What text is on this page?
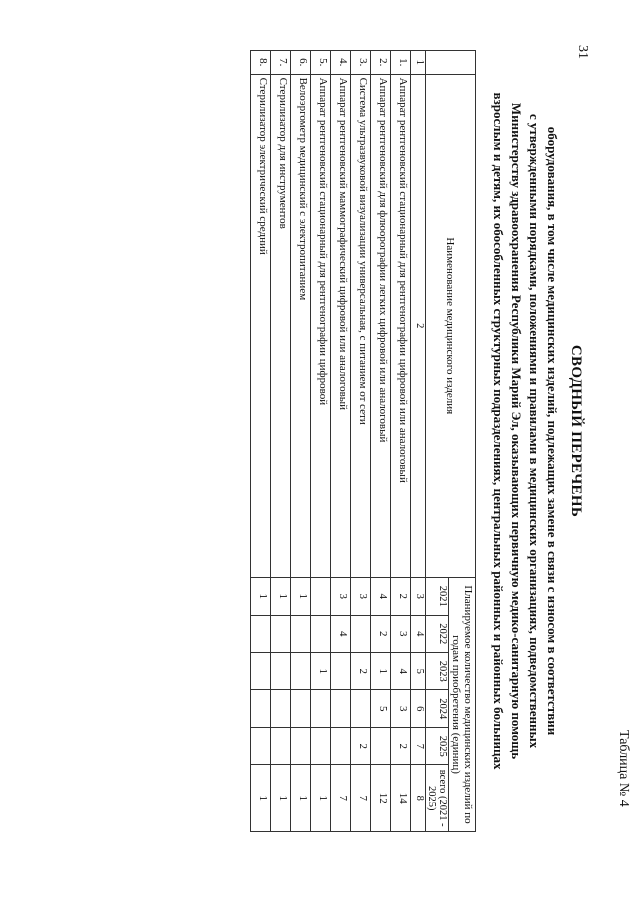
31
Таблица № 4
СВОДНЫЙ ПЕРЕЧЕНЬ
оборудования, в том числе медицинских изделий, подлежащих замене в связи с износом в соответствии
с утвержденными порядками, положениями и правилами в медицинских организациях, подведомственных
Министерству здравоохранения Республики Марий Эл, оказывающих первичную медико-санитарную помощь
взрослым и детям, их обособленных структурных подразделениях, центральных районных и районных больницах
	Наименование медицинского изделия	Планируемое количество медицинских изделий по годам приобретения (единиц)					
		2021	2022	2023	2024	2025	всего (2021 - 2025)
1	2	3	4	5	6	7	8
1.	Аппарат рентгеновский стационарный для рентгенографии цифровой или аналоговый	2	3	4	3	2	14
2.	Аппарат рентгеновский для флюорографии легких цифровой или аналоговый	4	2	1	5		12
3.	Система ультразвуковой визуализации универсальная, с питанием от сети	3		2		2	7
4.	Аппарат рентгеновский маммографический цифровой или аналоговый	3	4				7
5.	Аппарат рентгеновский стационарный для рентгенографии цифровой			1			1
6.	Велоэргометр медицинский с электропитанием	1					1
7.	Стерилизатор для инструментов	1					1
8.	Стерилизатор электрический средний	1					1
